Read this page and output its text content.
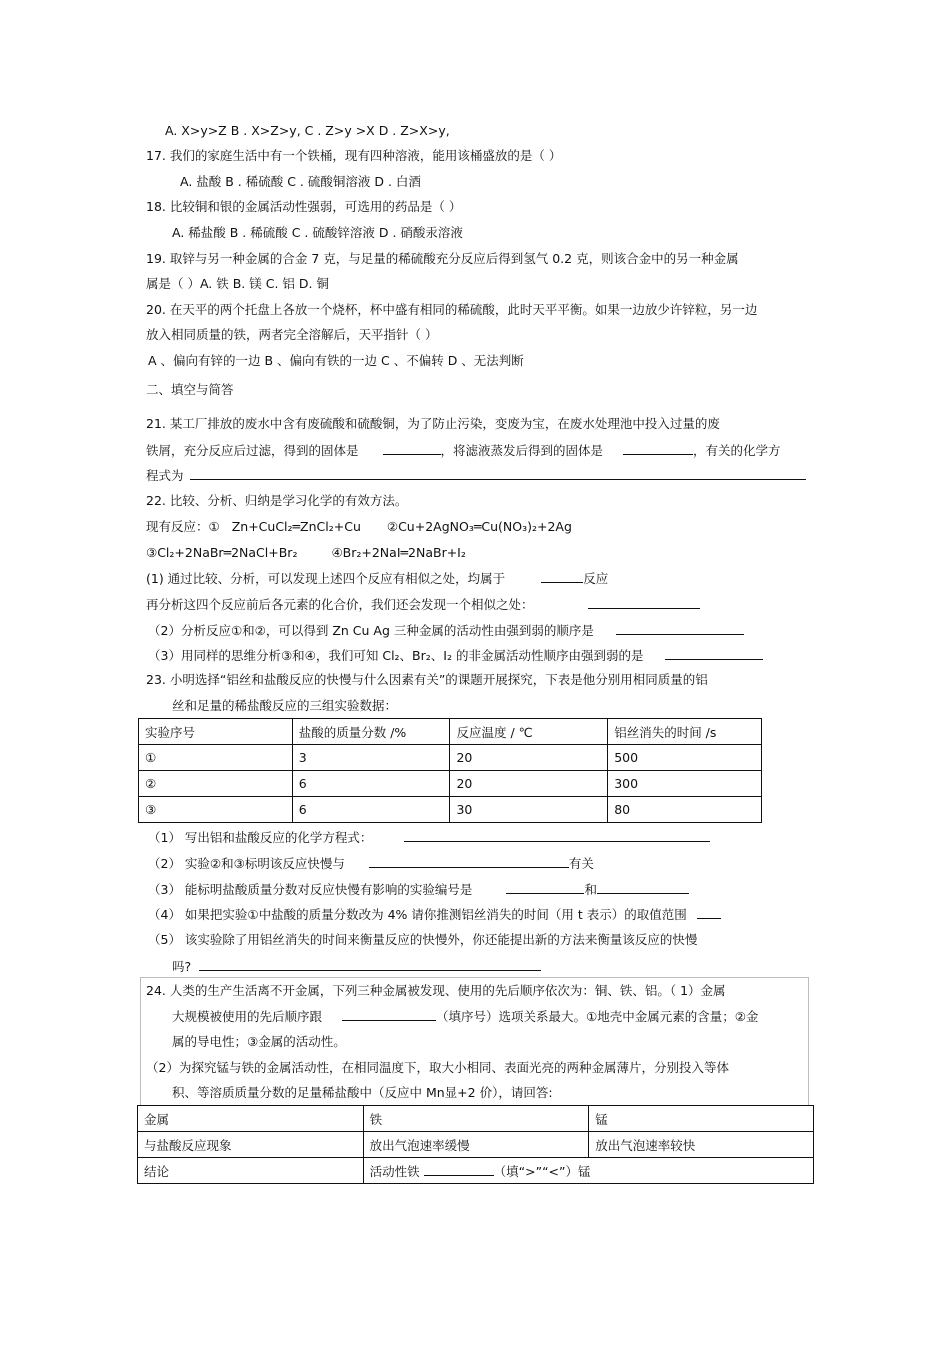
A. X>y>Z B . X>Z>y, C . Z>y >X D . Z>X>y,
17. 我们的家庭生活中有一个铁桶，现有四种溶液，能用该桶盛放的是（ ）
A. 盐酸 B . 稀硫酸 C . 硫酸铜溶液 D . 白酒
18. 比较铜和银的金属活动性强弱，可选用的药品是（ ）
A. 稀盐酸 B . 稀硫酸 C . 硫酸锌溶液 D . 硝酸汞溶液
19. 取锌与另一种金属的合金 7 克，与足量的稀硫酸充分反应后得到氢气 0.2 克，则该合金中的另一种金属
属是（ ）A. 铁 B. 镁 C. 铝 D. 铜
20. 在天平的两个托盘上各放一个烧杯，杯中盛有相同的稀硫酸，此时天平平衡。如果一边放少许锌粒，另一边
放入相同质量的铁，两者完全溶解后，天平指针（ ）
A 、偏向有锌的一边 B 、偏向有铁的一边 C 、不偏转 D 、无法判断
二、填空与简答
21. 某工厂排放的废水中含有废硫酸和硫酸铜，为了防止污染，变废为宝，在废水处理池中投入过量的废
铁屑，充分反应后过滤，得到的固体是	，将滤液蒸发后得到的固体是	，有关的化学方
程式为
22. 比较、分析、归纳是学习化学的有效方法。
现有反应：① Zn+CuCl₂═ZnCl₂+Cu ②Cu+2AgNO₃═Cu(NO₃)₂+2Ag
③Cl₂+2NaBr═2NaCl+Br₂	④Br₂+2NaI═2NaBr+I₂
(1) 通过比较、分析，可以发现上述四个反应有相似之处，均属于	反应
再分析这四个反应前后各元素的化合价，我们还会发现一个相似之处：
（2）分析反应①和②，可以得到 Zn Cu Ag 三种金属的活动性由强到弱的顺序是
（3）用同样的思维分析③和④，我们可知 Cl₂、Br₂、I₂ 的非金属活动性顺序由强到弱的是
23. 小明选择“铝丝和盐酸反应的快慢与什么因素有关”的课题开展探究，下表是他分别用相同质量的铝
丝和足量的稀盐酸反应的三组实验数据：
实验序号	盐酸的质量分数 /%	反应温度 / ℃	铝丝消失的时间 /s
①	3	20	500
②	6	20	300
③	6	30	80
（1） 写出铝和盐酸反应的化学方程式：
（2） 实验②和③标明该反应快慢与	有关
（3） 能标明盐酸质量分数对反应快慢有影响的实验编号是	和
（4） 如果把实验①中盐酸的质量分数改为 4% 请你推测铝丝消失的时间（用 t 表示）的取值范围
（5） 该实验除了用铝丝消失的时间来衡量反应的快慢外，你还能提出新的方法来衡量该反应的快慢
吗?
24. 人类的生产生活离不开金属，下列三种金属被发现、使用的先后顺序依次为：铜、铁、铝。（ 1）金属
大规模被使用的先后顺序跟	（填序号）选项关系最大。①地壳中金属元素的含量；②金
属的导电性；③金属的活动性。
（2）为探究锰与铁的金属活动性，在相同温度下，取大小相同、表面光亮的两种金属薄片，分别投入等体
积、等溶质质量分数的足量稀盐酸中（反应中 Mn显+2 价），请回答:
金属	铁	锰
与盐酸反应现象	放出气泡速率缓慢	放出气泡速率较快
结论	活动性铁 （填“>”“<”）锰	
